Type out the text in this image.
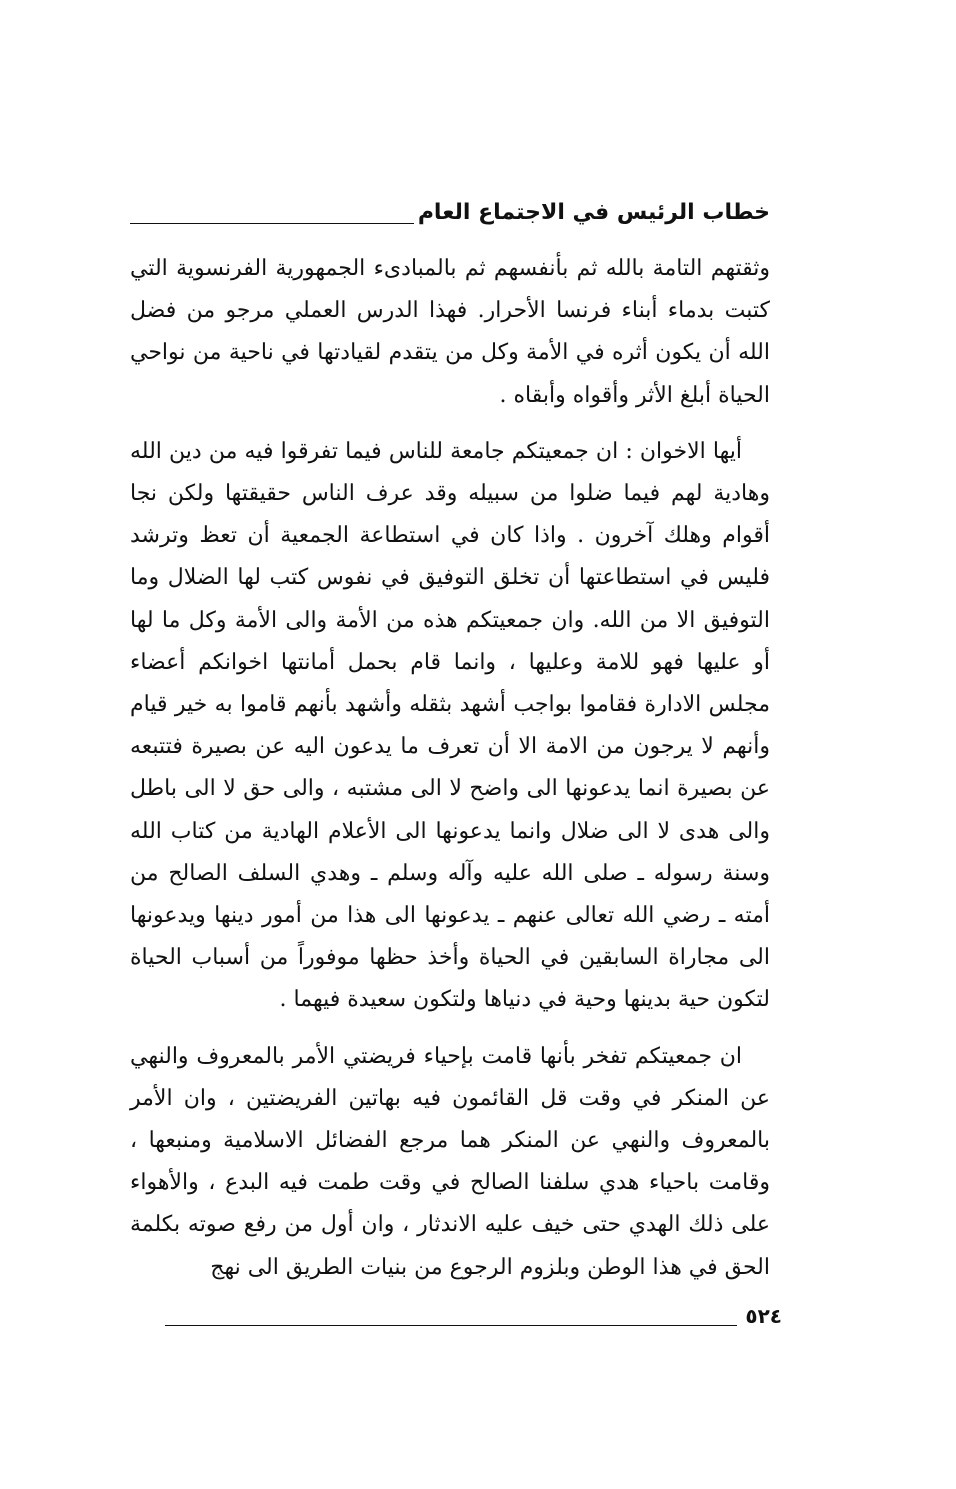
خطاب الرئيس في الاجتماع العام

وثقتهم التامة بالله ثم بأنفسهم ثم بالمبادىء الجمهورية الفرنسوية التي كتبت بدماء أبناء فرنسا الأحرار. فهذا الدرس العملي مرجو من فضل الله أن يكون أثره في الأمة وكل من يتقدم لقيادتها في ناحية من نواحي الحياة أبلغ الأثر وأقواه وأبقاه .

أيها الاخوان : ان جمعيتكم جامعة للناس فيما تفرقوا فيه من دين الله وهادية لهم فيما ضلوا من سبيله وقد عرف الناس حقيقتها ولكن نجا أقوام وهلك آخرون . واذا كان في استطاعة الجمعية أن تعظ وترشد فليس في استطاعتها أن تخلق التوفيق في نفوس كتب لها الضلال وما التوفيق الا من الله. وان جمعيتكم هذه من الأمة والى الأمة وكل ما لها أو عليها فهو للامة وعليها ، وانما قام بحمل أمانتها اخوانكم أعضاء مجلس الادارة فقاموا بواجب أشهد بثقله وأشهد بأنهم قاموا به خير قيام وأنهم لا يرجون من الامة الا أن تعرف ما يدعون اليه عن بصيرة فتتبعه عن بصيرة انما يدعونها الى واضح لا الى مشتبه ، والى حق لا الى باطل والى هدى لا الى ضلال وانما يدعونها الى الأعلام الهادية من كتاب الله وسنة رسوله ـ صلى الله عليه وآله وسلم ـ وهدي السلف الصالح من أمته ـ رضي الله تعالى عنهم ـ يدعونها الى هذا من أمور دينها ويدعونها الى مجاراة السابقين في الحياة وأخذ حظها موفوراً من أسباب الحياة لتكون حية بدينها وحية في دنياها ولتكون سعيدة فيهما .

ان جمعيتكم تفخر بأنها قامت بإحياء فريضتي الأمر بالمعروف والنهي عن المنكر في وقت قل القائمون فيه بهاتين الفريضتين ، وان الأمر بالمعروف والنهي عن المنكر هما مرجع الفضائل الاسلامية ومنبعها ، وقامت باحياء هدي سلفنا الصالح في وقت طمت فيه البدع ، والأهواء على ذلك الهدي حتى خيف عليه الاندثار ، وان أول من رفع صوته بكلمة الحق في هذا الوطن وبلزوم الرجوع من بنيات الطريق الى نهج

٥٢٤
